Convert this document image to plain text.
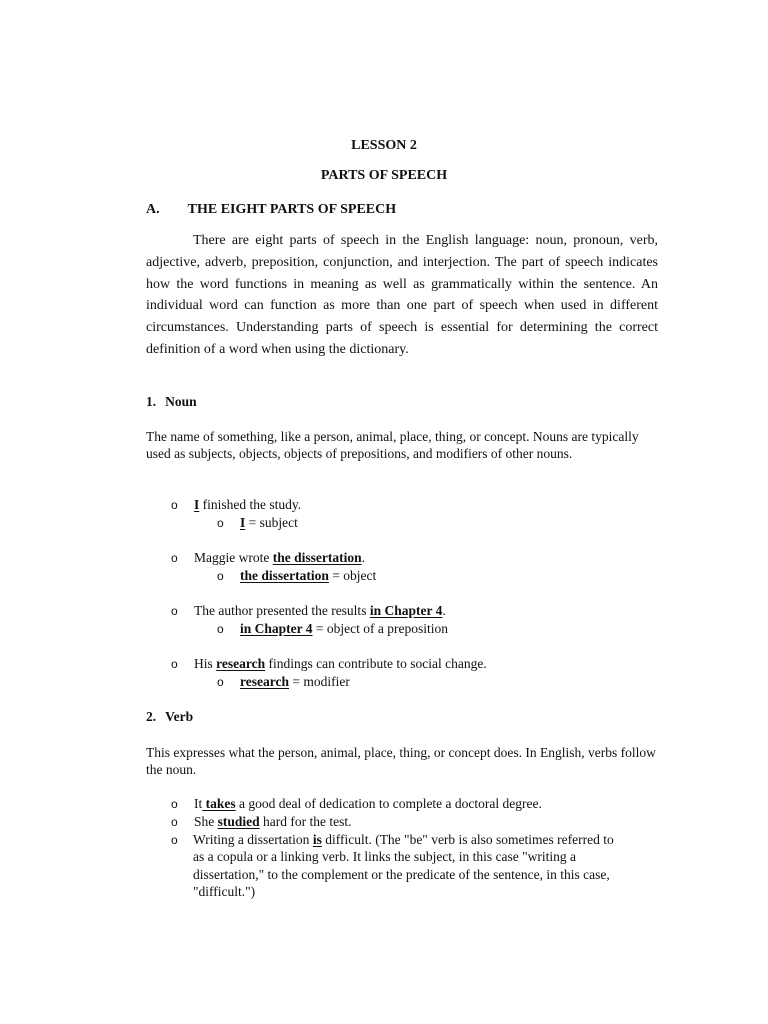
LESSON 2
PARTS OF SPEECH
A. THE EIGHT PARTS OF SPEECH
There are eight parts of speech in the English language: noun, pronoun, verb, adjective, adverb, preposition, conjunction, and interjection. The part of speech indicates how the word functions in meaning as well as grammatically within the sentence. An individual word can function as more than one part of speech when used in different circumstances. Understanding parts of speech is essential for determining the correct definition of a word when using the dictionary.
1. Noun
The name of something, like a person, animal, place, thing, or concept. Nouns are typically used as subjects, objects, objects of prepositions, and modifiers of other nouns.
o I finished the study.
o I = subject
o Maggie wrote the dissertation.
o the dissertation = object
o The author presented the results in Chapter 4.
o in Chapter 4 = object of a preposition
o His research findings can contribute to social change.
o research = modifier
2. Verb
This expresses what the person, animal, place, thing, or concept does. In English, verbs follow the noun.
o It takes a good deal of dedication to complete a doctoral degree.
o She studied hard for the test.
o	Writing a dissertation is difficult. (The "be" verb is also sometimes referred to as a copula or a linking verb. It links the subject, in this case "writing a dissertation," to the complement or the predicate of the sentence, in this case, "difficult.")
